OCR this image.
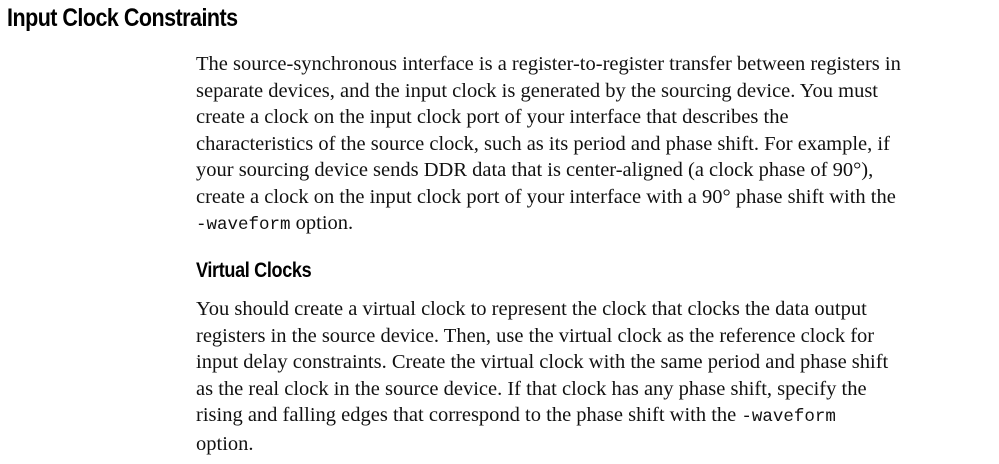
Input Clock Constraints

The source-synchronous interface is a register-to-register transfer between registers in
separate devices, and the input clock is generated by the sourcing device. You must
create a clock on the input clock port of your interface that describes the
characteristics of the source clock, such as its period and phase shift. For example, if
your sourcing device sends DDR data that is center-aligned (a clock phase of 90°),
create a clock on the input clock port of your interface with a 90° phase shift with the
-waveform option.

Virtual Clocks

You should create a virtual clock to represent the clock that clocks the data output
registers in the source device. Then, use the virtual clock as the reference clock for
input delay constraints. Create the virtual clock with the same period and phase shift
as the real clock in the source device. If that clock has any phase shift, specify the
rising and falling edges that correspond to the phase shift with the -waveform
option.
